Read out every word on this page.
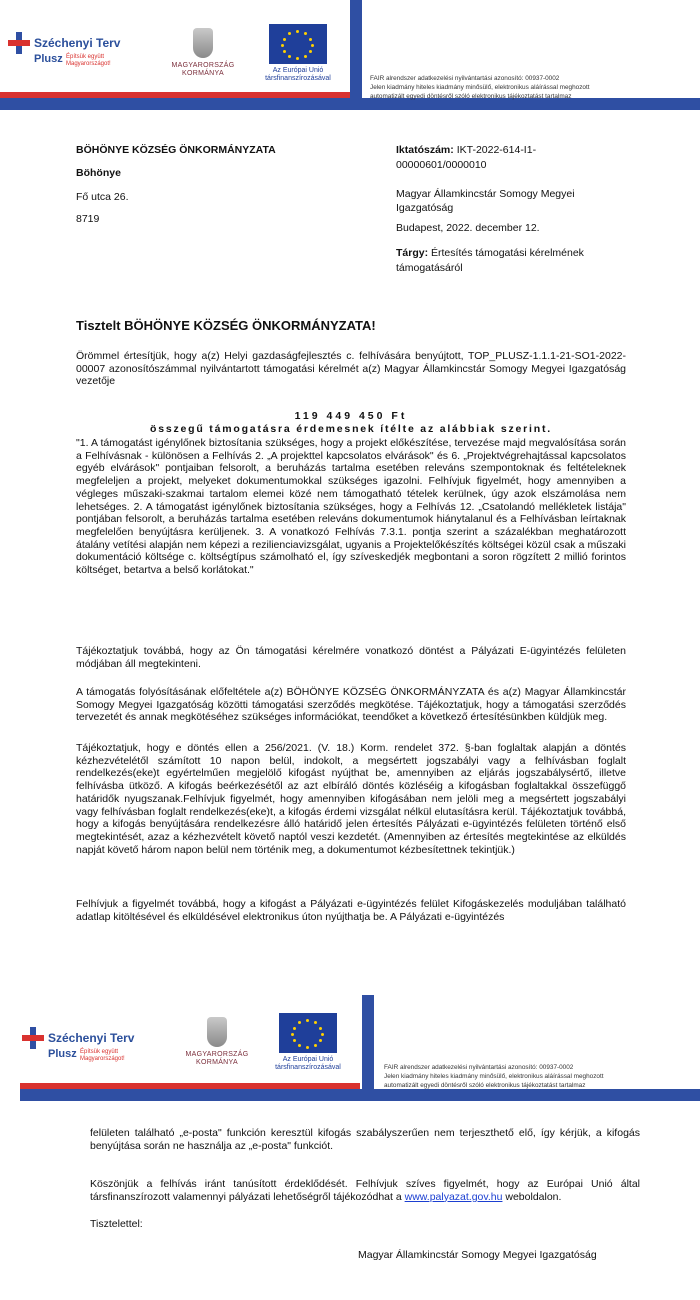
Széchenyi Terv
Plusz Építsük együtt Magyarországot!	MAGYARORSZÁG
KORMÁNYA	Az Európai Unió
társfinanszírozásával	FAIR alrendszer adatkezelési nyilvántartási azonosító: 00937-0002
Jelen kiadmány hiteles kiadmány minősülő, elektronikus aláírással meghozott
automatizált egyedi döntésről szóló elektronikus tájékoztatást tartalmaz
BÖHÖNYE KÖZSÉG ÖNKORMÁNYZATA
Böhönye
Fő utca 26.
8719
Iktatószám: IKT-2022-614-I1-
00000601/0000010
Magyar Államkincstár Somogy Megyei
Igazgatóság
Budapest, 2022. december 12.
Tárgy: Értesítés támogatási kérelmének
támogatásáról
Tisztelt BÖHÖNYE KÖZSÉG ÖNKORMÁNYZATA!
Örömmel értesítjük, hogy a(z) Helyi gazdaságfejlesztés c. felhívására benyújtott, TOP_PLUSZ-1.1.1-21-SO1-2022-00007 azonosítószámmal nyilvántartott támogatási kérelmét a(z) Magyar Államkincstár Somogy Megyei Igazgatóság vezetője
119 449 450 Ft
összegű támogatásra érdemesnek ítélte az alábbiak szerint.
"1. A támogatást igénylőnek biztosítania szükséges, hogy a projekt előkészítése, tervezése majd megvalósítása során a Felhívásnak - különösen a Felhívás 2. „A projekttel kapcsolatos elvárások" és 6. „Projektvégrehajtással kapcsolatos egyéb elvárások" pontjaiban felsorolt, a beruházás tartalma esetében releváns szempontoknak és feltételeknek megfeleljen a projekt, melyeket dokumentumokkal szükséges igazolni. Felhívjuk figyelmét, hogy amennyiben a végleges műszaki-szakmai tartalom elemei közé nem támogatható tételek kerülnek, úgy azok elszámolása nem lehetséges. 2. A támogatást igénylőnek biztosítania szükséges, hogy a Felhívás 12. „Csatolandó mellékletek listája" pontjában felsorolt, a beruházás tartalma esetében releváns dokumentumok hiánytalanul és a Felhívásban leírtaknak megfelelően benyújtásra kerüljenek. 3. A vonatkozó Felhívás 7.3.1. pontja szerint a százalékban meghatározott átalány vetítési alapján nem képezi a rezilienciavizsgálat, ugyanis a Projektelőkészítés költségei közül csak a műszaki dokumentáció költsége c. költségtípus számolható el, így szíveskedjék megbontani a soron rögzített 2 millió forintos költséget, betartva a belső korlátokat."
Tájékoztatjuk továbbá, hogy az Ön támogatási kérelmére vonatkozó döntést a Pályázati E-ügyintézés felületen módjában áll megtekinteni.
A támogatás folyósításának előfeltétele a(z) BÖHÖNYE KÖZSÉG ÖNKORMÁNYZATA és a(z) Magyar Államkincstár Somogy Megyei Igazgatóság közötti támogatási szerződés megkötése. Tájékoztatjuk, hogy a támogatási szerződés tervezetét és annak megkötéséhez szükséges információkat, teendőket a következő értesítésünkben küldjük meg.
Tájékoztatjuk, hogy e döntés ellen a 256/2021. (V. 18.) Korm. rendelet 372. §-ban foglaltak alapján a döntés kézhezvételétől számított 10 napon belül, indokolt, a megsértett jogszabályi vagy a felhívásban foglalt rendelkezés(eke)t egyértelműen megjelölő kifogást nyújthat be, amennyiben az eljárás jogszabálysértő, illetve felhívásba ütköző. A kifogás beérkezésétől az azt elbíráló döntés közléséig a kifogásban foglaltakkal összefüggő határidők nyugszanak.Felhívjuk figyelmét, hogy amennyiben kifogásában nem jelöli meg a megsértett jogszabályi vagy felhívásban foglalt rendelkezés(eke)t, a kifogás érdemi vizsgálat nélkül elutasításra kerül. Tájékoztatjuk továbbá, hogy a kifogás benyújtására rendelkezésre álló határidő jelen értesítés Pályázati e-ügyintézés felületen történő első megtekintését, azaz a kézhezvételt követő naptól veszi kezdetét. (Amennyiben az értesítés megtekintése az elküldés napját követő három napon belül nem történik meg, a dokumentumot kézbesítettnek tekintjük.)
Felhívjuk a figyelmét továbbá, hogy a kifogást a Pályázati e-ügyintézés felület Kifogáskezelés moduljában található adatlap kitöltésével és elküldésével elektronikus úton nyújthatja be. A Pályázati e-ügyintézés
Széchenyi Terv
Plusz Építsük együtt Magyarországot!
MAGYARORSZÁG
KORMÁNYA	Az Európai Unió
társfinanszírozásával	FAIR alrendszer adatkezelési nyilvántartási azonosító: 00937-0002
Jelen kiadmány hiteles kiadmány minősülő, elektronikus aláírással meghozott
automatizált egyedi döntésről szóló elektronikus tájékoztatást tartalmaz
felületen található „e-posta" funkción keresztül kifogás szabályszerűen nem terjeszthető elő, így kérjük, a kifogás benyújtása során ne használja az „e-posta" funkciót.
Köszönjük a felhívás iránt tanúsított érdeklődését. Felhívjuk szíves figyelmét, hogy az Európai Unió által társfinanszírozott valamennyi pályázati lehetőségről tájékozódhat a www.palyazat.gov.hu weboldalon.
Tisztelettel:
Magyar Államkincstár Somogy Megyei Igazgatóság
